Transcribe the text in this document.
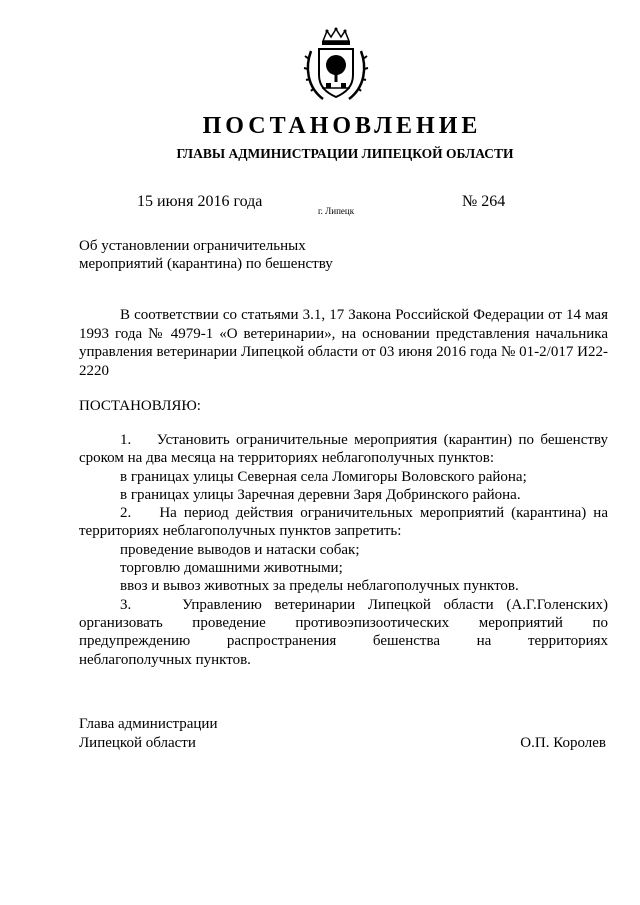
ПОСТАНОВЛЕНИЕ
ГЛАВЫ АДМИНИСТРАЦИИ ЛИПЕЦКОЙ ОБЛАСТИ
15 июня 2016 года
г. Липецк
№ 264
Об установлении ограничительных
мероприятий (карантина) по бешенству

В соответствии со статьями 3.1, 17 Закона Российской Федерации от 14 мая 1993 года № 4979-1 «О ветеринарии», на основании представления начальника управления ветеринарии Липецкой области от 03 июня 2016 года № 01-2/017 И22-2220

ПОСТАНОВЛЯЮ:

1.    Установить ограничительные мероприятия (карантин) по бешенству сроком на два месяца на территориях неблагополучных пунктов:

в границах улицы Северная села Ломигоры Воловского района;

в границах улицы Заречная деревни Заря Добринского района.

2.    На период действия ограничительных мероприятий (карантина) на территориях неблагополучных пунктов запретить:

проведение выводов и натаски собак;

торговлю домашними животными;

ввоз и вывоз животных за пределы неблагополучных пунктов.

3.    Управлению ветеринарии Липецкой области (А.Г.Голенских) организовать проведение противоэпизоотических мероприятий по предупреждению распространения бешенства на территориях

неблагополучных пунктов.

Глава администрации
Липецкой области	О.П. Королев
